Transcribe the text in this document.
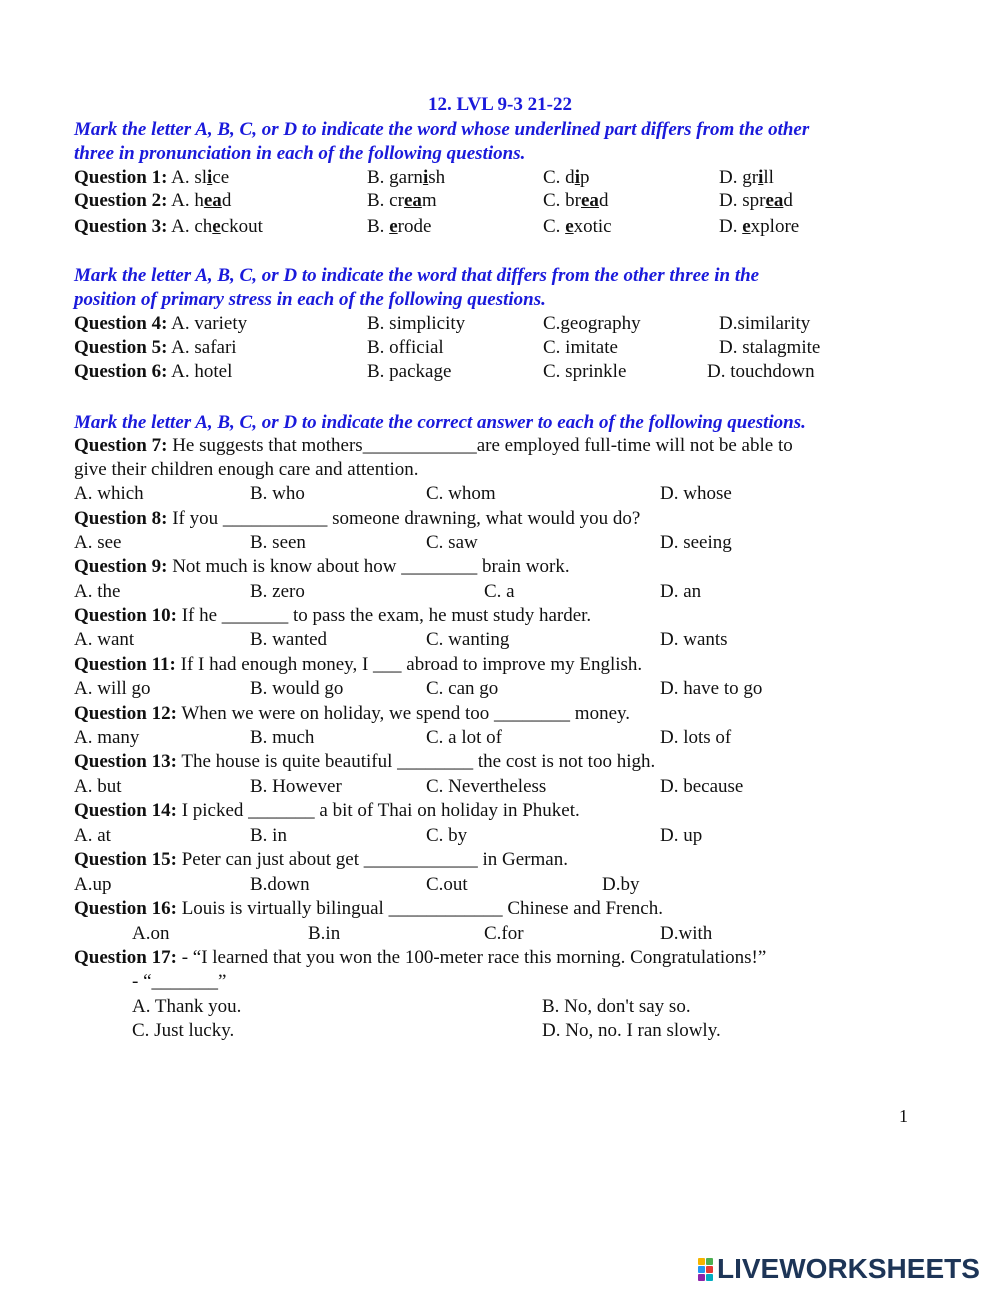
12. LVL 9-3 21-22
Mark the letter A, B, C, or D to indicate the word whose underlined part differs from the other
three in pronunciation in each of the following questions.
Question 1: A. slice	B. garnish	C. dip	D. grill
Question 2: A. head	B. cream	C. bread	D. spread
Question 3: A. checkout	B. erode	C. exotic	D. explore
Mark the letter A, B, C, or D to indicate the word that differs from the other three in the
position of primary stress in each of the following questions.
Question 4: A. variety	B. simplicity	C.geography	D.similarity
Question 5: A. safari	B. official	C. imitate	D. stalagmite
Question 6: A. hotel	B. package	C. sprinkle	D. touchdown
Mark the letter A, B, C, or D to indicate the correct answer to each of the following questions.
Question 7: He suggests that mothers____________are employed full-time will not be able to
give their children enough care and attention.
A. which	B. who	C. whom	D. whose
Question 8: If you ___________ someone drawning, what would you do?
A. see	B. seen	C. saw	D. seeing
Question 9: Not much is know about how ________ brain work.
A. the	B. zero	C. a	D. an
Question 10: If he _______ to pass the exam, he must study harder.
A. want	B. wanted	C. wanting	D. wants
Question 11: If I had enough money, I ___ abroad to improve my English.
A. will go	B. would go	C. can go	D. have to go
Question 12: When we were on holiday, we spend too ________ money.
A. many	B. much	C. a lot of	D. lots of
Question 13: The house is quite beautiful ________ the cost is not too high.
A. but	B. However	C. Nevertheless	D. because
Question 14: I picked _______ a bit of Thai on holiday in Phuket.
A. at	B. in	C. by	D. up
Question 15: Peter can just about get ____________ in German.
A.up	B.down	C.out	D.by
Question 16: Louis is virtually bilingual ____________ Chinese and French.
A.on	B.in	C.for	D.with
Question 17: - “I learned that you won the 100-meter race this morning. Congratulations!”
- “_______”
A. Thank you.	B. No, don't say so.
C. Just lucky.	D. No, no. I ran slowly.
1
LIVEWORKSHEETS
